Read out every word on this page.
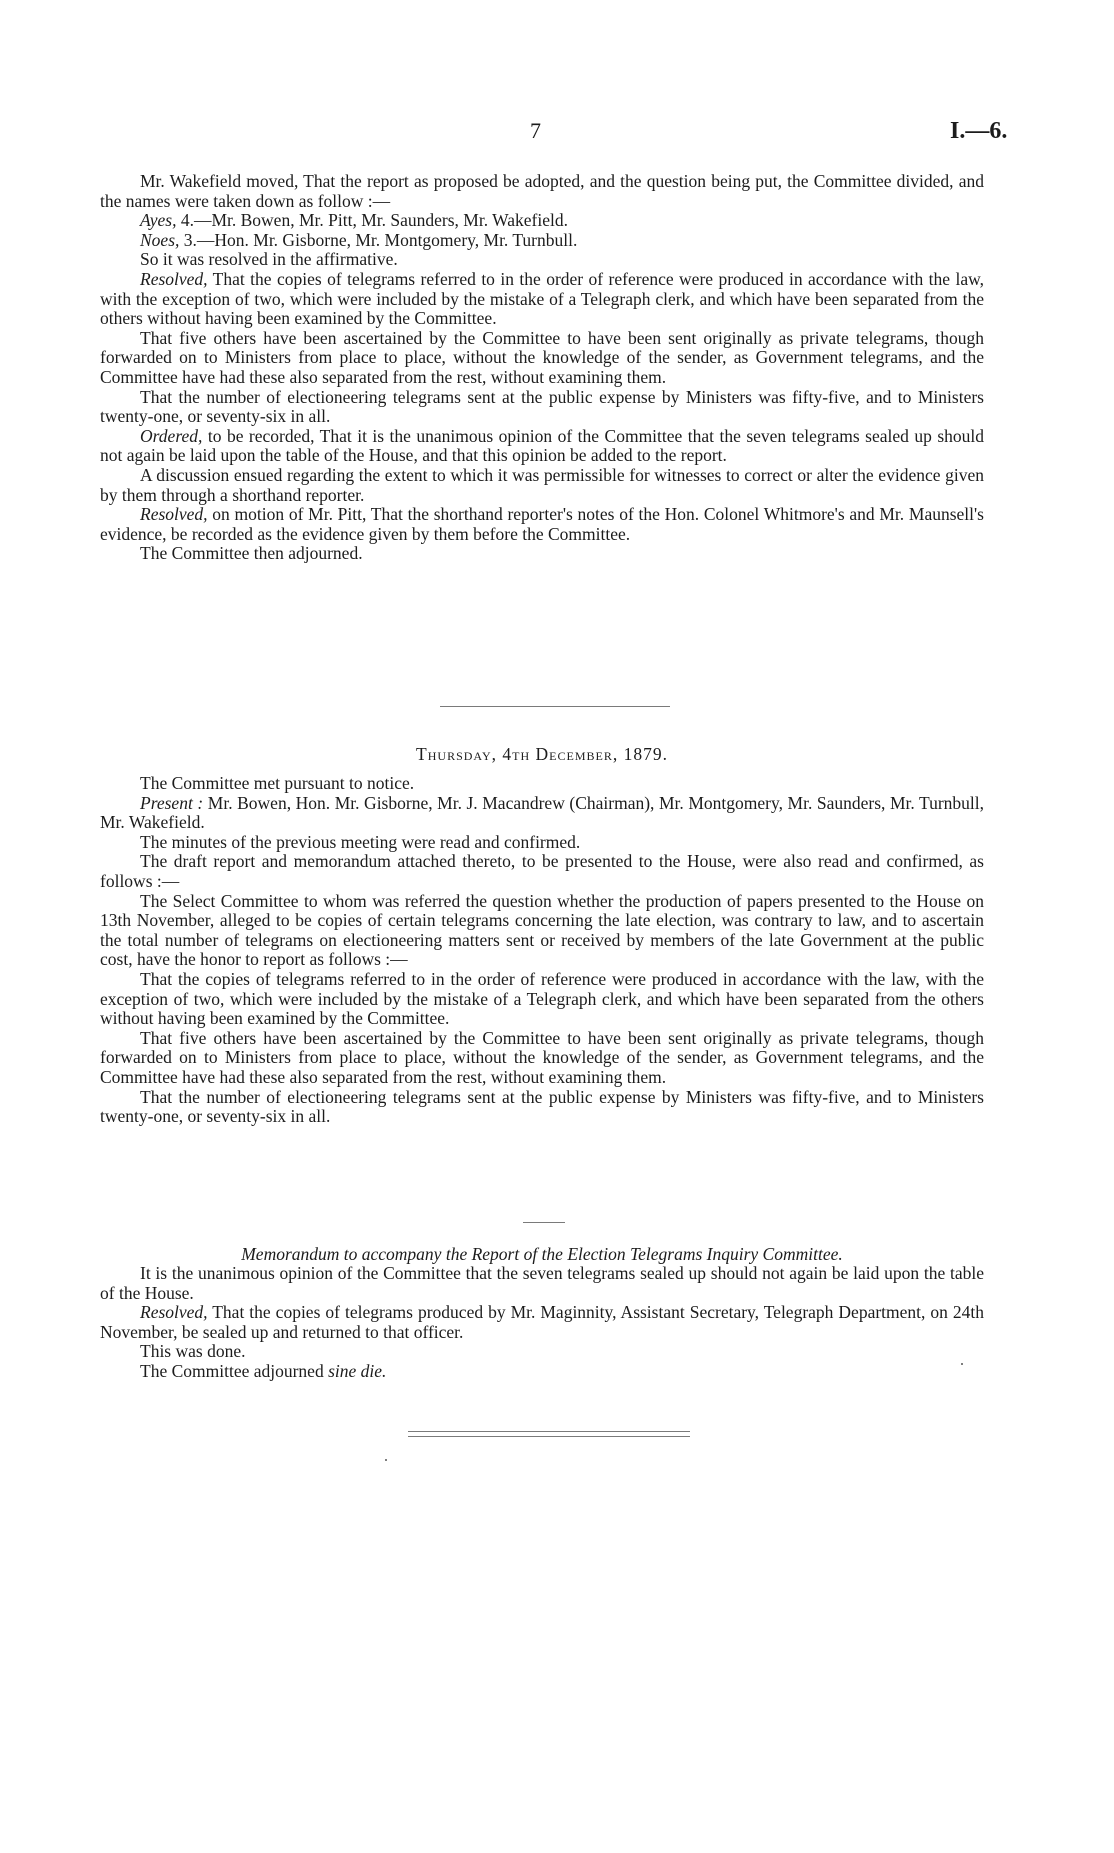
7	I.—6.

Mr. Wakefield moved, That the report as proposed be adopted, and the question being put, the Committee divided, and the names were taken down as follow :—

Ayes, 4.—Mr. Bowen, Mr. Pitt, Mr. Saunders, Mr. Wakefield.

Noes, 3.—Hon. Mr. Gisborne, Mr. Montgomery, Mr. Turnbull.

So it was resolved in the affirmative.

Resolved, That the copies of telegrams referred to in the order of reference were produced in accordance with the law, with the exception of two, which were included by the mistake of a Telegraph clerk, and which have been separated from the others without having been examined by the Committee.

That five others have been ascertained by the Committee to have been sent originally as private telegrams, though forwarded on to Ministers from place to place, without the knowledge of the sender, as Government telegrams, and the Committee have had these also separated from the rest, without examining them.

That the number of electioneering telegrams sent at the public expense by Ministers was fifty-five, and to Ministers twenty-one, or seventy-six in all.

Ordered, to be recorded, That it is the unanimous opinion of the Committee that the seven telegrams sealed up should not again be laid upon the table of the House, and that this opinion be added to the report.

A discussion ensued regarding the extent to which it was permissible for witnesses to correct or alter the evidence given by them through a shorthand reporter.

Resolved, on motion of Mr. Pitt, That the shorthand reporter's notes of the Hon. Colonel Whitmore's and Mr. Maunsell's evidence, be recorded as the evidence given by them before the Committee.

The Committee then adjourned.

Thursday, 4th December, 1879.

The Committee met pursuant to notice.

Present : Mr. Bowen, Hon. Mr. Gisborne, Mr. J. Macandrew (Chairman), Mr. Montgomery, Mr. Saunders, Mr. Turnbull, Mr. Wakefield.

The minutes of the previous meeting were read and confirmed.

The draft report and memorandum attached thereto, to be presented to the House, were also read and confirmed, as follows :—

The Select Committee to whom was referred the question whether the production of papers presented to the House on 13th November, alleged to be copies of certain telegrams concerning the late election, was contrary to law, and to ascertain the total number of telegrams on electioneering matters sent or received by members of the late Government at the public cost, have the honor to report as follows :—

That the copies of telegrams referred to in the order of reference were produced in accordance with the law, with the exception of two, which were included by the mistake of a Telegraph clerk, and which have been separated from the others without having been examined by the Committee.

That five others have been ascertained by the Committee to have been sent originally as private telegrams, though forwarded on to Ministers from place to place, without the knowledge of the sender, as Government telegrams, and the Committee have had these also separated from the rest, without examining them.

That the number of electioneering telegrams sent at the public expense by Ministers was fifty-five, and to Ministers twenty-one, or seventy-six in all.

Memorandum to accompany the Report of the Election Telegrams Inquiry Committee.

It is the unanimous opinion of the Committee that the seven telegrams sealed up should not again be laid upon the table of the House.

Resolved, That the copies of telegrams produced by Mr. Maginnity, Assistant Secretary, Telegraph Department, on 24th November, be sealed up and returned to that officer.

This was done.

The Committee adjourned sine die.
